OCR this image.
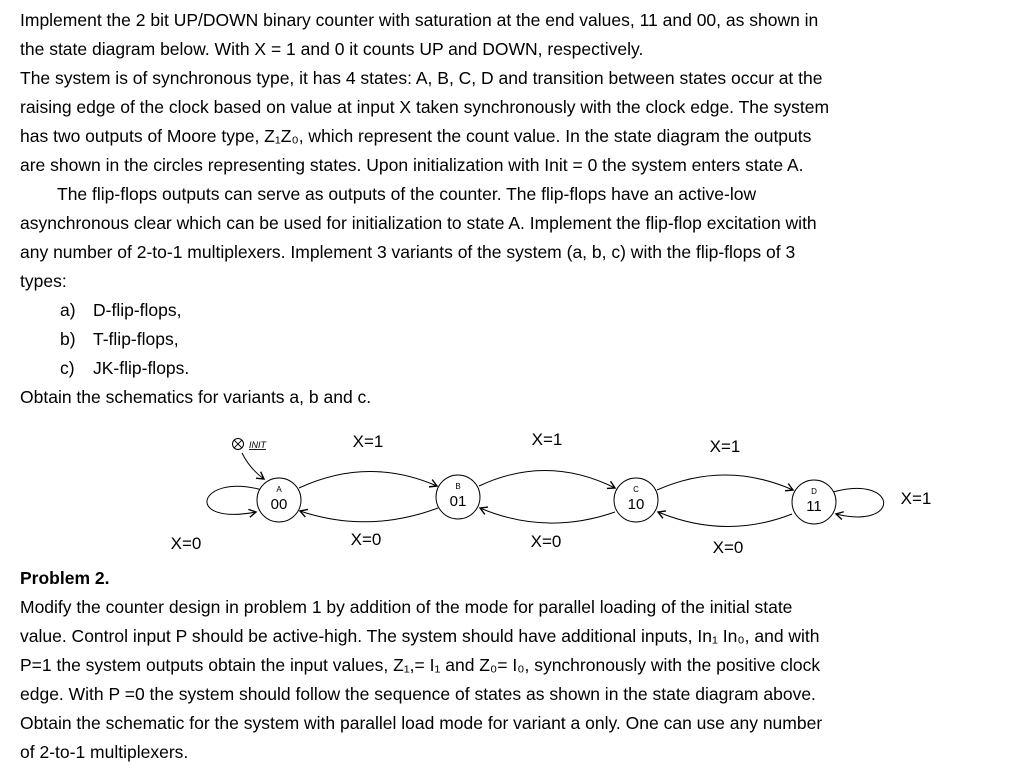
Implement the 2 bit UP/DOWN binary counter with saturation at the end values, 11 and 00, as shown in
the state diagram below. With X = 1 and 0 it counts UP and DOWN, respectively.
The system is of synchronous type, it has 4 states: A, B, C, D and transition between states occur at the
raising edge of the clock based on value at input X taken synchronously with the clock edge. The system
has two outputs of Moore type, Z₁Z₀, which represent the count value. In the state diagram the outputs
are shown in the circles representing states. Upon initialization with Init = 0 the system enters state A.
The flip-flops outputs can serve as outputs of the counter. The flip-flops have an active-low
asynchronous clear which can be used for initialization to state A. Implement the flip-flop excitation with
any number of 2-to-1 multiplexers. Implement 3 variants of the system (a, b, c) with the flip-flops of 3
types:
a) D-flip-flops,
b) T-flip-flops,
c)	JK-flip-flops.
Obtain the schematics for variants a, b and c.
INIT	X=1	X=1	X=1
X=1
X=0	X=0	X=0	X=0
A
00
B
01
C
10
D
11
Problem 2.
Modify the counter design in problem 1 by addition of the mode for parallel loading of the initial state
value. Control input P should be active-high. The system should have additional inputs, In₁ In₀, and with
P=1 the system outputs obtain the input values, Z₁,= I₁ and Z₀= I₀, synchronously with the positive clock
edge. With P =0 the system should follow the sequence of states as shown in the state diagram above.
Obtain the schematic for the system with parallel load mode for variant a only. One can use any number
of 2-to-1 multiplexers.
